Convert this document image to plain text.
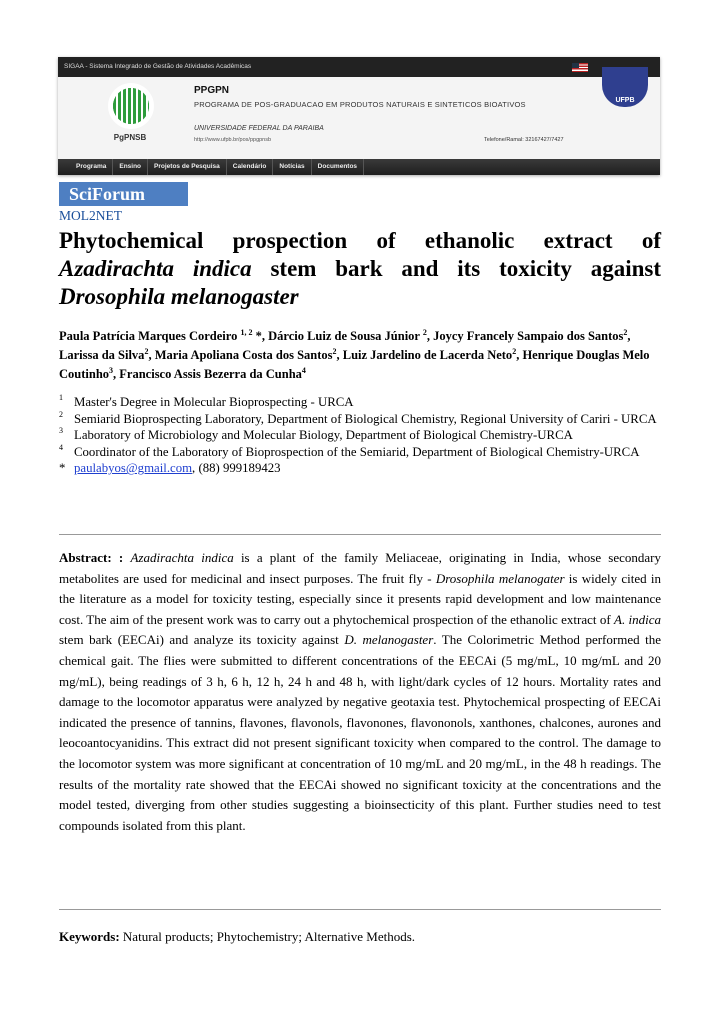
SIGAA - Sistema Integrado de Gestão de Atividades Acadêmicas
PgPNSB
PPGPN
PROGRAMA DE POS-GRADUACAO EM PRODUTOS NATURAIS E SINTETICOS BIOATIVOS
UNIVERSIDADE FEDERAL DA PARAIBA
http://www.ufpb.br/pos/ppgpnsb	Telefone/Ramal: 32167427/7427
UFPB
Programa	Ensino	Projetos de Pesquisa	Calendário	Notícias	Documentos
SciForum
MOL2NET
Phytochemical prospection of ethanolic extract of Azadirachta indica stem bark and its toxicity against Drosophila melanogaster
Paula Patrícia Marques Cordeiro $^{1, 2}$ *, Dárcio Luiz de Sousa Júnior $^2$, Joycy Francely Sampaio dos Santos$^2$, Larissa da Silva$^2$, Maria Apoliana Costa dos Santos$^2$, Luiz Jardelino de Lacerda Neto$^2$, Henrique Douglas Melo Coutinho$^3$, Francisco Assis Bezerra da Cunha$^4$
1 Master's Degree in Molecular Bioprospecting - URCA
2 Semiarid Bioprospecting Laboratory, Department of Biological Chemistry, Regional University of Cariri - URCA
3 Laboratory of Microbiology and Molecular Biology, Department of Biological Chemistry-URCA
4 Coordinator of the Laboratory of Bioprospection of the Semiarid, Department of Biological Chemistry-URCA
* paulabyos@gmail.com, (88) 999189423
Abstract: : Azadirachta indica is a plant of the family Meliaceae, originating in India, whose secondary metabolites are used for medicinal and insect purposes. The fruit fly - Drosophila melanogater is widely cited in the literature as a model for toxicity testing, especially since it presents rapid development and low maintenance cost. The aim of the present work was to carry out a phytochemical prospection of the ethanolic extract of A. indica stem bark (EECAi) and analyze its toxicity against D. melanogaster. The Colorimetric Method performed the chemical gait. The flies were submitted to different concentrations of the EECAi (5 mg/mL, 10 mg/mL and 20 mg/mL), being readings of 3 h, 6 h, 12 h, 24 h and 48 h, with light/dark cycles of 12 hours. Mortality rates and damage to the locomotor apparatus were analyzed by negative geotaxia test. Phytochemical prospecting of EECAi indicated the presence of tannins, flavones, flavonols, flavonones, flavononols, xanthones, chalcones, aurones and leocoantocyanidins. This extract did not present significant toxicity when compared to the control. The damage to the locomotor system was more significant at concentration of 10 mg/mL and 20 mg/mL, in the 48 h readings. The results of the mortality rate showed that the EECAi showed no significant toxicity at the concentrations and the model tested, diverging from other studies suggesting a bioinsecticity of this plant. Further studies need to test compounds isolated from this plant.
Keywords: Natural products; Phytochemistry; Alternative Methods.
